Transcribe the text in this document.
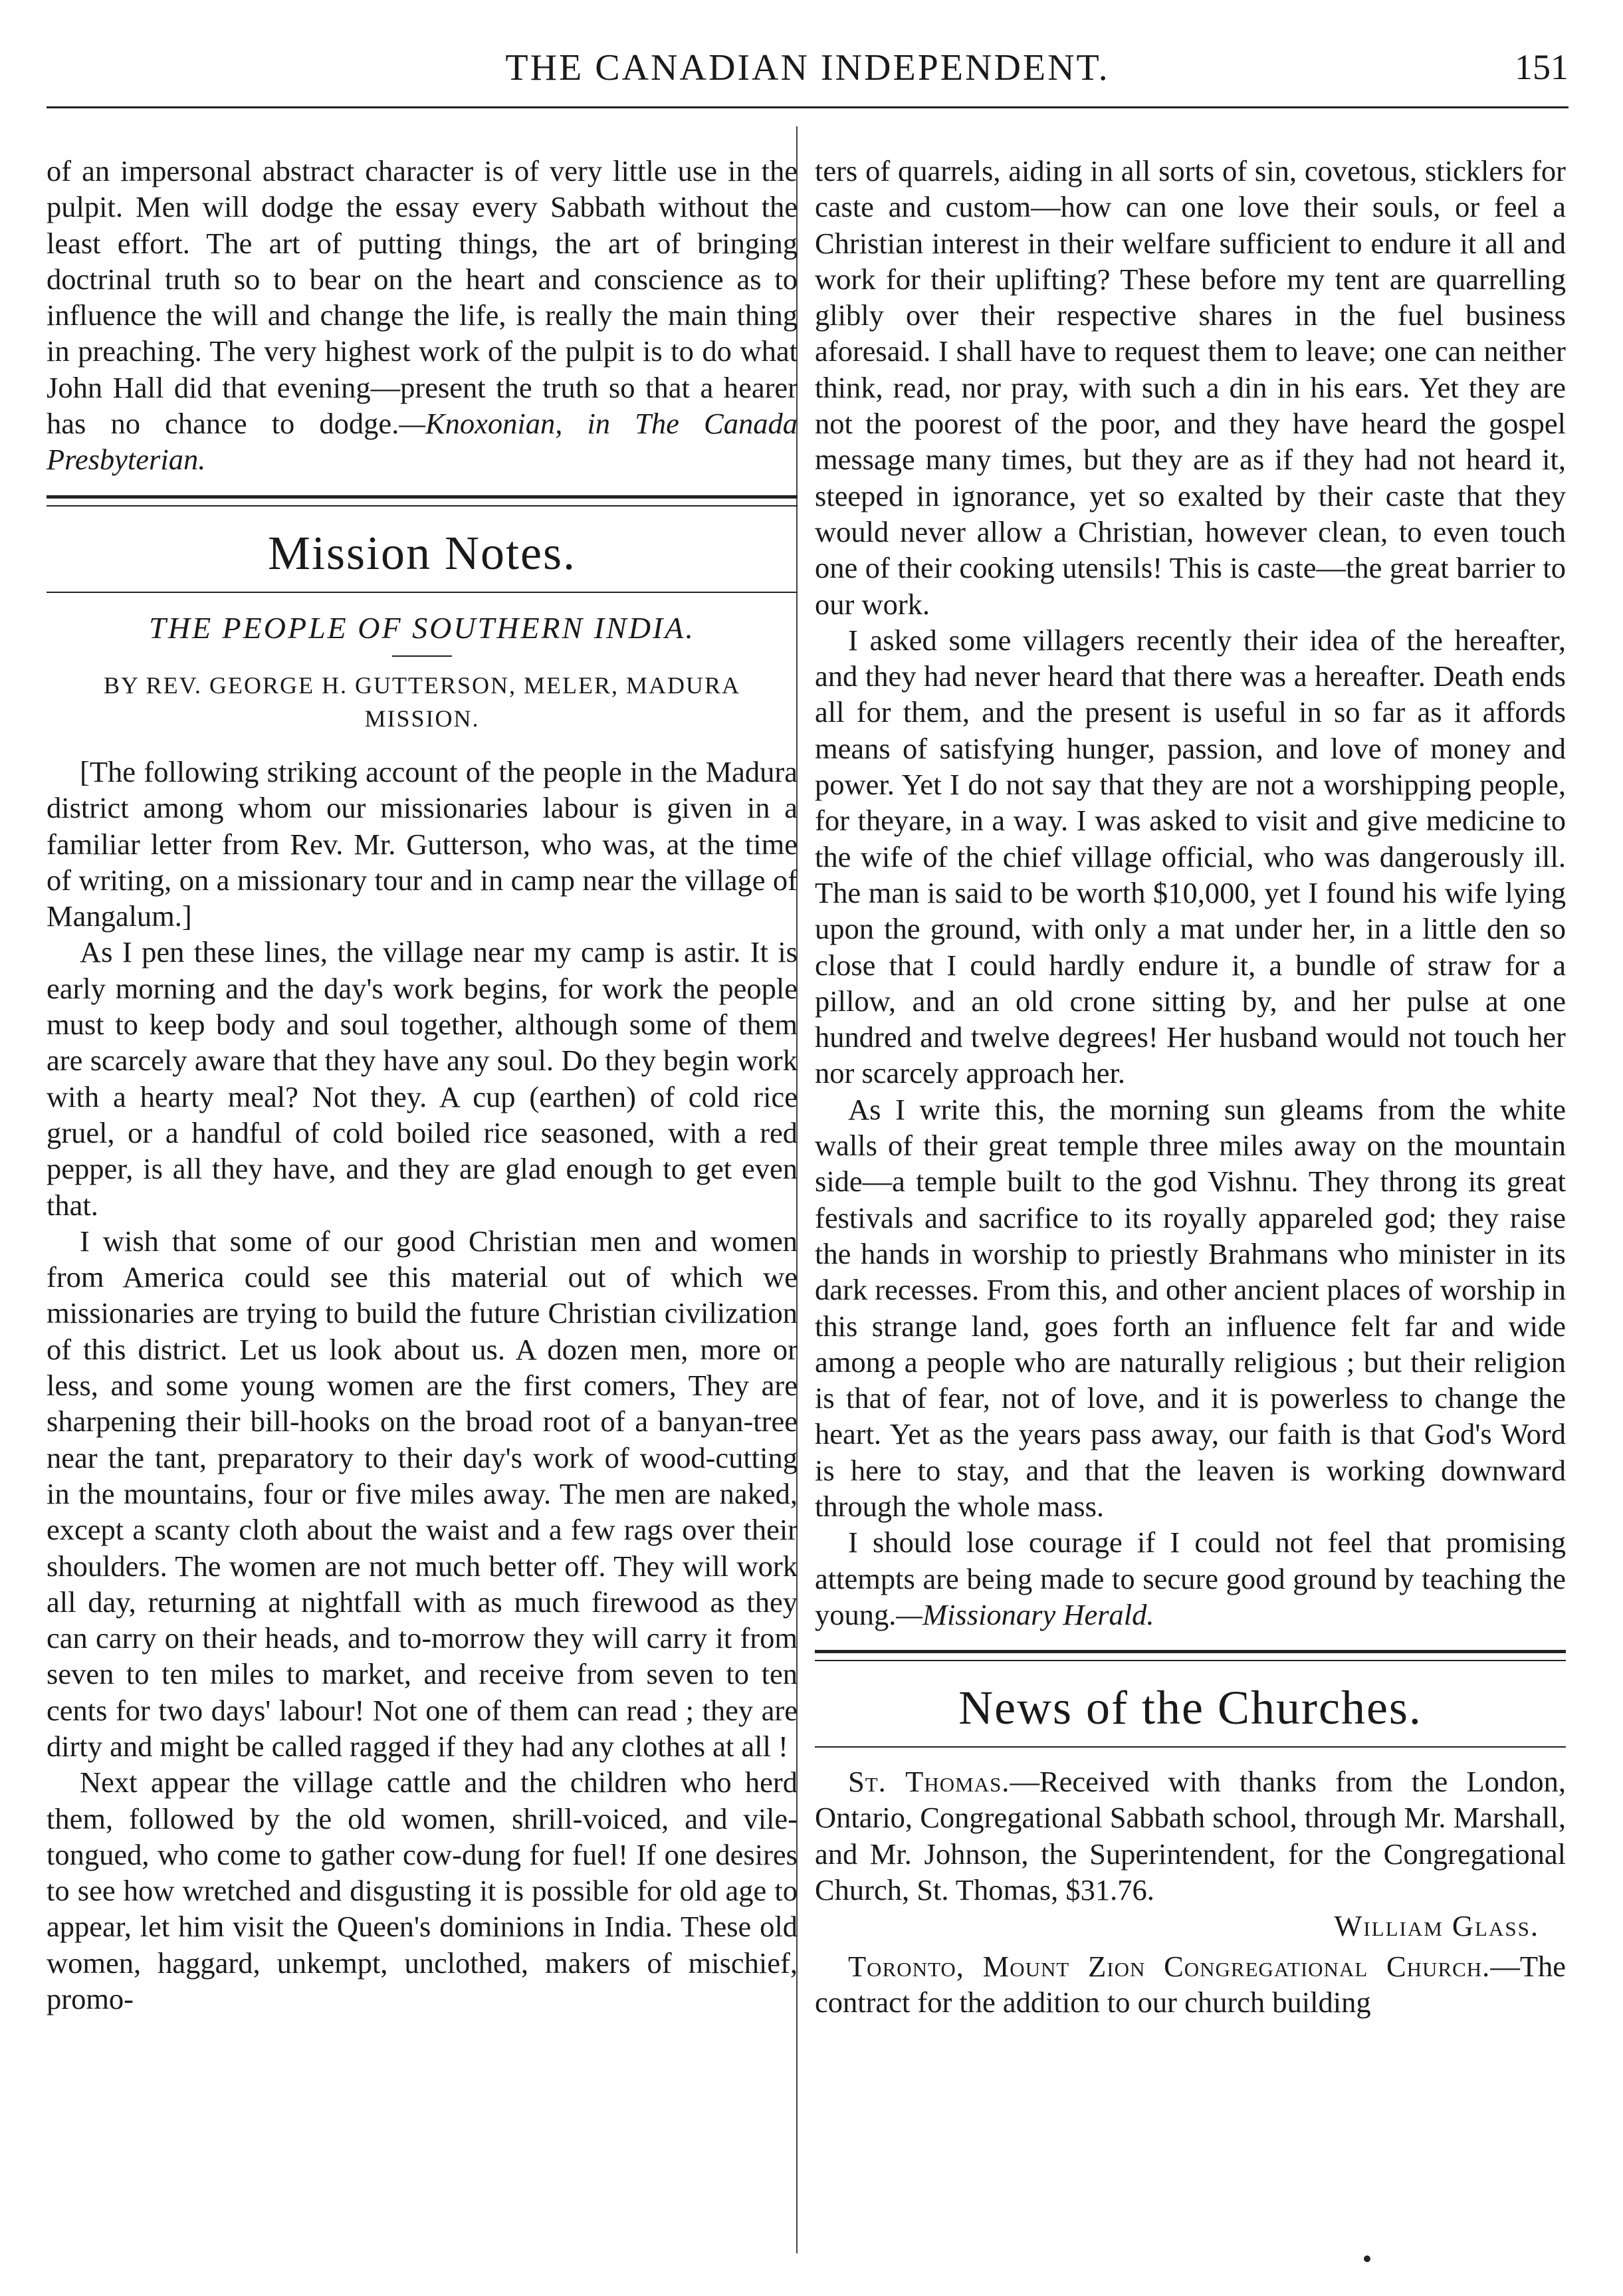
THE CANADIAN INDEPENDENT.	151

of an impersonal abstract character is of very little use in the pulpit. Men will dodge the essay every Sabbath without the least effort. The art of putting things, the art of bringing doctrinal truth so to bear on the heart and conscience as to influence the will and change the life, is really the main thing in preaching. The very highest work of the pulpit is to do what John Hall did that evening—present the truth so that a hearer has no chance to dodge.—Knoxonian, in The Canada Presbyterian.

Mission Notes.
THE PEOPLE OF SOUTHERN INDIA.
BY REV. GEORGE H. GUTTERSON, MELER, MADURA MISSION.

[The following striking account of the people in the Madura district among whom our missionaries labour is given in a familiar letter from Rev. Mr. Gutterson, who was, at the time of writing, on a missionary tour and in camp near the village of Mangalum.]

As I pen these lines, the village near my camp is astir. It is early morning and the day's work begins, for work the people must to keep body and soul together, although some of them are scarcely aware that they have any soul. Do they begin work with a hearty meal? Not they. A cup (earthen) of cold rice gruel, or a handful of cold boiled rice seasoned, with a red pepper, is all they have, and they are glad enough to get even that.

I wish that some of our good Christian men and women from America could see this material out of which we missionaries are trying to build the future Christian civilization of this district. Let us look about us. A dozen men, more or less, and some young women are the first comers, They are sharpening their bill-hooks on the broad root of a banyan-tree near the tant, preparatory to their day's work of wood-cutting in the mountains, four or five miles away. The men are naked, except a scanty cloth about the waist and a few rags over their shoulders. The women are not much better off. They will work all day, returning at nightfall with as much firewood as they can carry on their heads, and to-morrow they will carry it from seven to ten miles to market, and receive from seven to ten cents for two days' labour! Not one of them can read ; they are dirty and might be called ragged if they had any clothes at all !

Next appear the village cattle and the children who herd them, followed by the old women, shrill-voiced, and vile-tongued, who come to gather cow-dung for fuel! If one desires to see how wretched and disgusting it is possible for old age to appear, let him visit the Queen's dominions in India. These old women, haggard, unkempt, unclothed, makers of mischief, promo-

ters of quarrels, aiding in all sorts of sin, covetous, sticklers for caste and custom—how can one love their souls, or feel a Christian interest in their welfare sufficient to endure it all and work for their uplifting? These before my tent are quarrelling glibly over their respective shares in the fuel business aforesaid. I shall have to request them to leave; one can neither think, read, nor pray, with such a din in his ears. Yet they are not the poorest of the poor, and they have heard the gospel message many times, but they are as if they had not heard it, steeped in ignorance, yet so exalted by their caste that they would never allow a Christian, however clean, to even touch one of their cooking utensils! This is caste—the great barrier to our work.

I asked some villagers recently their idea of the hereafter, and they had never heard that there was a hereafter. Death ends all for them, and the present is useful in so far as it affords means of satisfying hunger, passion, and love of money and power. Yet I do not say that they are not a worshipping people, for theyare, in a way. I was asked to visit and give medicine to the wife of the chief village official, who was dangerously ill. The man is said to be worth $10,000, yet I found his wife lying upon the ground, with only a mat under her, in a little den so close that I could hardly endure it, a bundle of straw for a pillow, and an old crone sitting by, and her pulse at one hundred and twelve degrees! Her husband would not touch her nor scarcely approach her.

As I write this, the morning sun gleams from the white walls of their great temple three miles away on the mountain side—a temple built to the god Vishnu. They throng its great festivals and sacrifice to its royally appareled god; they raise the hands in worship to priestly Brahmans who minister in its dark recesses. From this, and other ancient places of worship in this strange land, goes forth an influence felt far and wide among a people who are naturally religious ; but their religion is that of fear, not of love, and it is powerless to change the heart. Yet as the years pass away, our faith is that God's Word is here to stay, and that the leaven is working downward through the whole mass.

I should lose courage if I could not feel that promising attempts are being made to secure good ground by teaching the young.—Missionary Herald.

News of the Churches.

St. Thomas.—Received with thanks from the London, Ontario, Congregational Sabbath school, through Mr. Marshall, and Mr. Johnson, the Superintendent, for the Congregational Church, St. Thomas, $31.76.

William Glass.

Toronto, Mount Zion Congregational Church.—The contract for the addition to our church building
